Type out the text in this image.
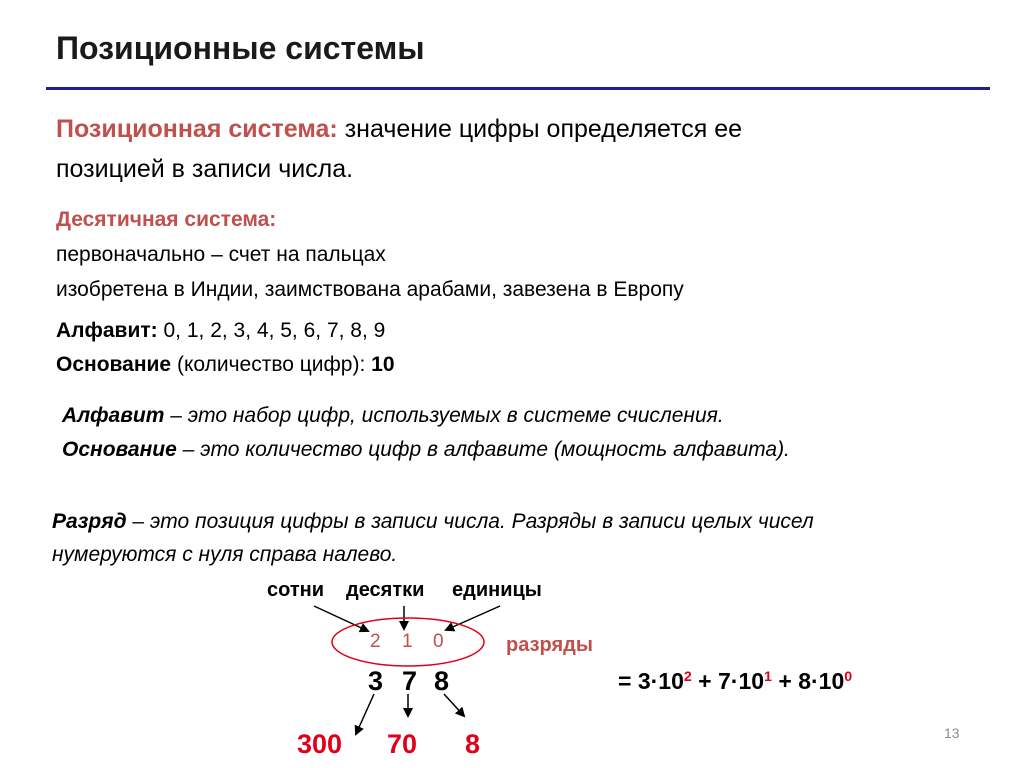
Позиционные системы
Позиционная система: значение цифры определяется ее
позицией в записи числа.
Десятичная система:
первоначально – счет на пальцах
изобретена в Индии, заимствована арабами, завезена в Европу
Алфавит: 0, 1, 2, 3, 4, 5, 6, 7, 8, 9
Основание (количество цифр): 10
Алфавит – это набор цифр, используемых в системе счисления.
Основание – это количество цифр в алфавите (мощность алфавита).
Разряд – это позиция цифры в записи числа. Разряды в записи целых чисел
нумеруются с нуля справа налево.
сотни десятки единицы
2 1 0	разряды
3 7 8	= $3\cdot 10^2 + 7\cdot 10^1 + 8\cdot 10^0$
300 70 8	13
